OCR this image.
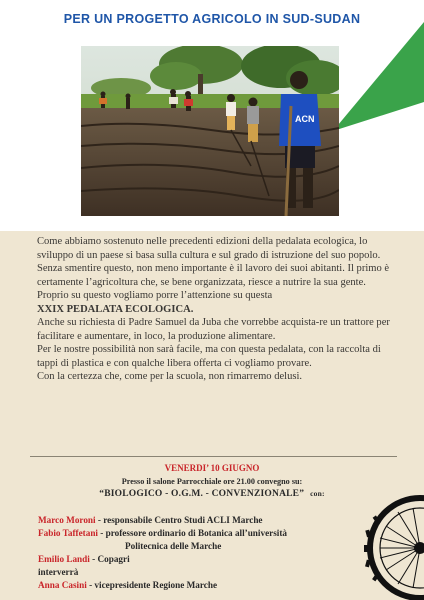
PER UN PROGETTO AGRICOLO IN SUD-SUDAN
ACN
Come abbiamo sostenuto nelle precedenti edizioni della pedalata ecologica, lo sviluppo di un paese si basa sulla cultura e sul grado di istruzione del suo popolo. Senza smentire questo, non meno importante è il lavoro dei suoi abitanti. Il primo è certamente l’agricoltura che, se bene organizzata, riesce a nutrire la sua gente. Proprio su questo vogliamo porre l’attenzione su questa
XXIX PEDALATA ECOLOGICA.
Anche su richiesta di Padre Samuel da Juba che vorrebbe acquista-re un trattore per facilitare e aumentare, in loco, la produzione alimentare.
Per le nostre possibilità non sarà facile, ma con questa pedalata, con la raccolta di tappi di plastica e con qualche libera offerta ci vogliamo provare.
Con la certezza che, come per la scuola, non rimarremo delusi.
VENERDI’ 10 GIUGNO
Presso il salone Parrocchiale ore 21.00 convegno su:
“BIOLOGICO - O.G.M. - CONVENZIONALE” con:
Marco Moroni - responsabile Centro Studi ACLI Marche
Fabio Taffetani - professore ordinario di Botanica all’università
Politecnica delle Marche
Emilio Landi - Copagri
interverrà
Anna Casini - vicepresidente Regione Marche
